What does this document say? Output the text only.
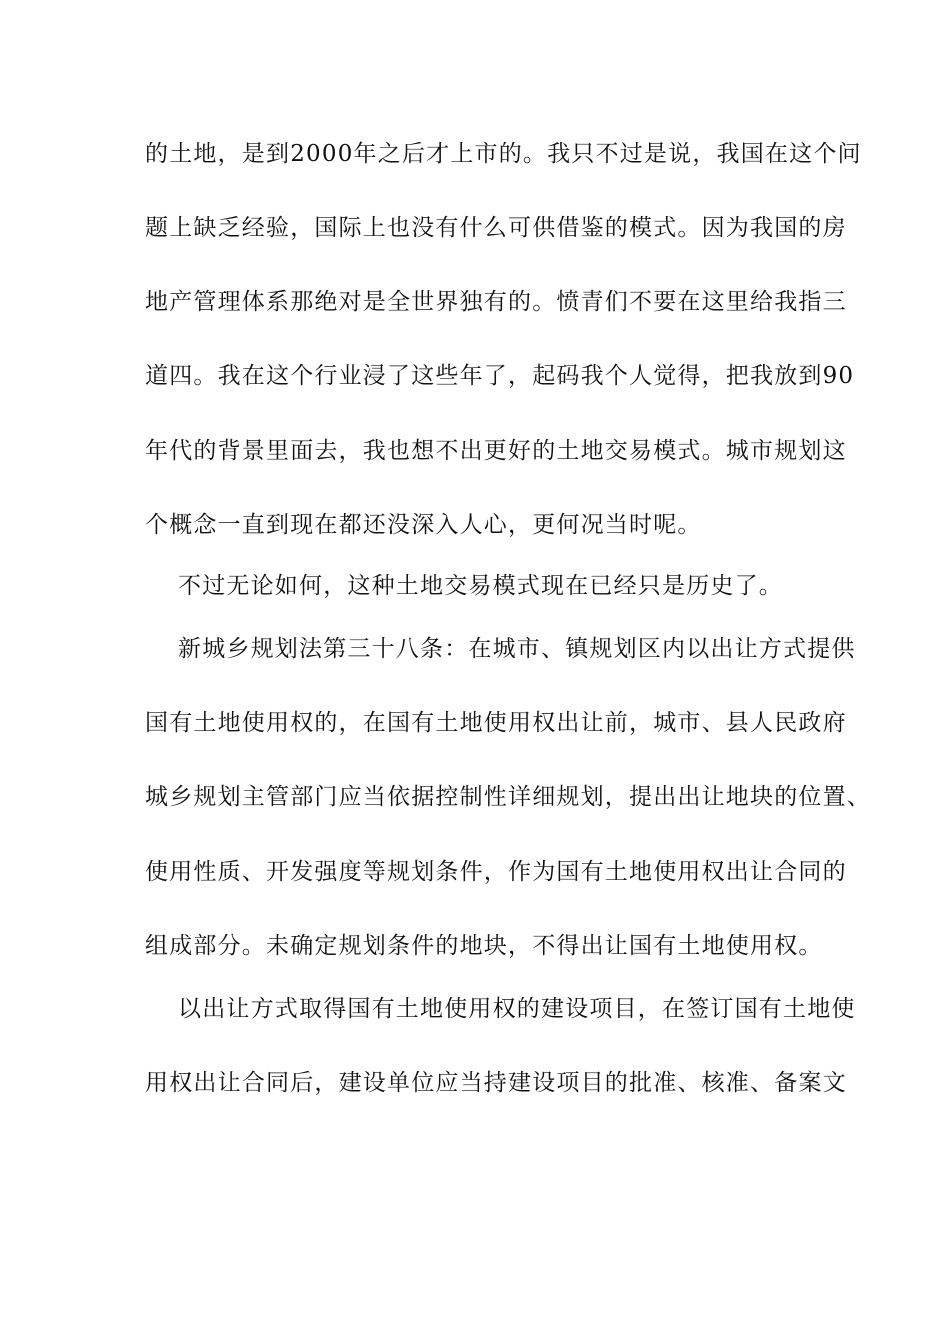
的土地，是到2000年之后才上市的。我只不过是说，我国在这个问
题上缺乏经验，国际上也没有什么可供借鉴的模式。因为我国的房
地产管理体系那绝对是全世界独有的。愤青们不要在这里给我指三
道四。我在这个行业浸了这些年了，起码我个人觉得，把我放到90
年代的背景里面去，我也想不出更好的土地交易模式。城市规划这
个概念一直到现在都还没深入人心，更何况当时呢。
不过无论如何，这种土地交易模式现在已经只是历史了。
新城乡规划法第三十八条：在城市、镇规划区内以出让方式提供
国有土地使用权的，在国有土地使用权出让前，城市、县人民政府
城乡规划主管部门应当依据控制性详细规划，提出出让地块的位置、
使用性质、开发强度等规划条件，作为国有土地使用权出让合同的
组成部分。未确定规划条件的地块，不得出让国有土地使用权。
以出让方式取得国有土地使用权的建设项目，在签订国有土地使
用权出让合同后，建设单位应当持建设项目的批准、核准、备案文
